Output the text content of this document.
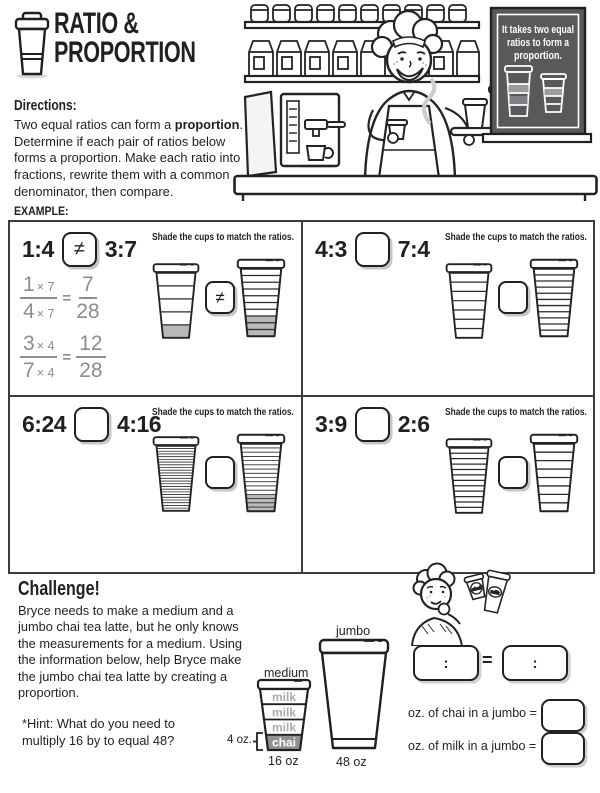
RATIO &
PROPORTION
It takes two equal
ratios to form a
proportion.
Directions:
Two equal ratios can form a proportion. Determine if each pair of ratios below forms a proportion. Make each ratio into fractions, rewrite them with a common denominator, then compare.
EXAMPLE:
1:4	≠ 3:7 Shade the cups to match the ratios.
$\frac{1 \times 7}{4 \times 7} = \frac{7}{28}$
$\frac{3 \times 4}{7 \times 4} = \frac{12}{28}$
≠
4:3 7:4 Shade the cups to match the ratios.
6:24 4:16
Shade the cups to match the ratios. 3:9 2:6 Shade the cups to match the ratios.
Challenge!
Bryce needs to make a medium and a jumbo chai tea latte, but he only knows the measurements for a medium. Using the information below, help Bryce make the jumbo chai tea latte by creating a proportion.
*Hint: What do you need to multiply 16 by to equal 48?
medium
milk
milk
milk
chai
4 oz.
16 oz
jumbo
48 oz
chai
milk
: =	:
oz. of chai in a jumbo =
oz. of milk in a jumbo =
